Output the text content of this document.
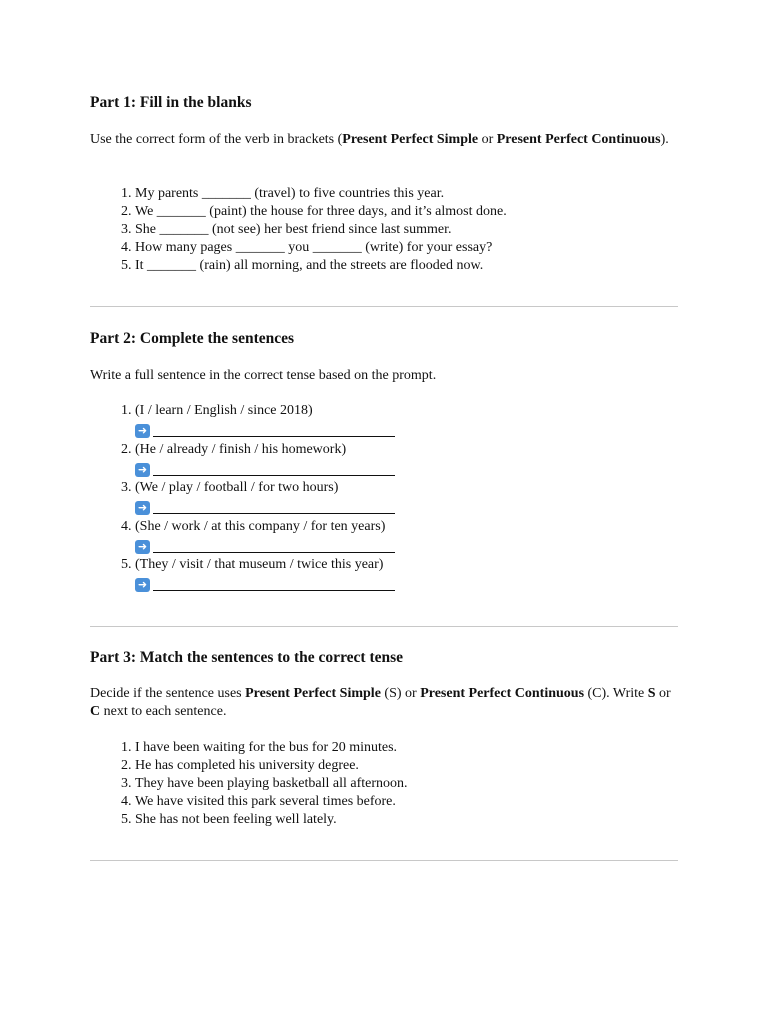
Part 1: Fill in the blanks

Use the correct form of the verb in brackets (Present Perfect Simple or Present Perfect Continuous).

1. My parents _______ (travel) to five countries this year.
2. We _______ (paint) the house for three days, and it’s almost done.
3. She _______ (not see) her best friend since last summer.
4. How many pages _______ you _______ (write) for your essay?
5. It _______ (rain) all morning, and the streets are flooded now.
Part 2: Complete the sentences

Write a full sentence in the correct tense based on the prompt.

1. (I / learn / English / since 2018)
➜
2. (He / already / finish / his homework)
➜
3. (We / play / football / for two hours)
➜
4. (She / work / at this company / for ten years)
➜
5. (They / visit / that museum / twice this year)
➜
Part 3: Match the sentences to the correct tense

Decide if the sentence uses Present Perfect Simple (S) or Present Perfect Continuous (C). Write S or C next to each sentence.

1. I have been waiting for the bus for 20 minutes.
2. He has completed his university degree.
3. They have been playing basketball all afternoon.
4. We have visited this park several times before.
5. She has not been feeling well lately.
